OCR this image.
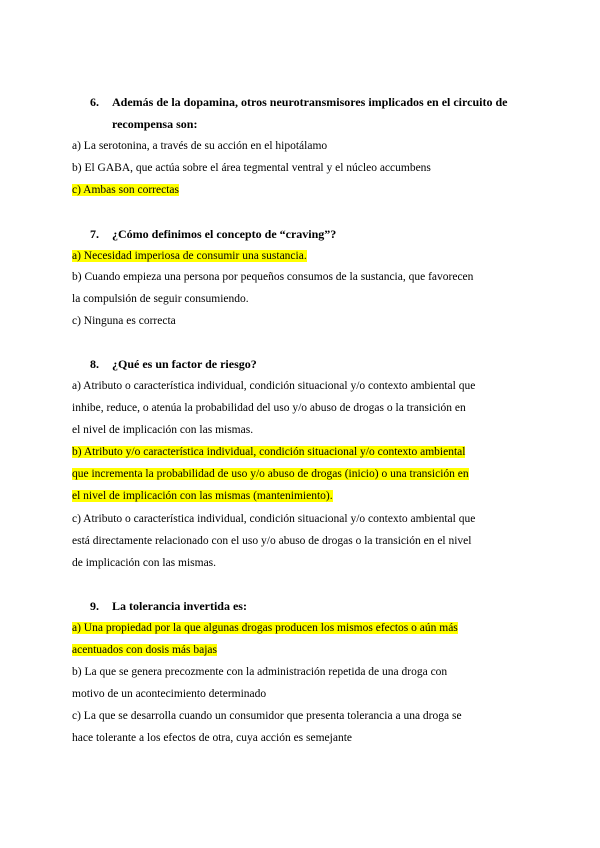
6. Además de la dopamina, otros neurotransmisores implicados en el circuito de
recompensa son:
a) La serotonina, a través de su acción en el hipotálamo
b) El GABA, que actúa sobre el área tegmental ventral y el núcleo accumbens
c) Ambas son correctas
7. ¿Cómo definimos el concepto de “craving”?
a) Necesidad imperiosa de consumir una sustancia.
b) Cuando empieza una persona por pequeños consumos de la sustancia, que favorecen
la compulsión de seguir consumiendo.
c) Ninguna es correcta
8. ¿Qué es un factor de riesgo?
a) Atributo o característica individual, condición situacional y/o contexto ambiental que
inhibe, reduce, o atenúa la probabilidad del uso y/o abuso de drogas o la transición en
el nivel de implicación con las mismas.
b) Atributo y/o característica individual, condición situacional y/o contexto ambiental
que incrementa la probabilidad de uso y/o abuso de drogas (inicio) o una transición en
el nivel de implicación con las mismas (mantenimiento).
c) Atributo o característica individual, condición situacional y/o contexto ambiental que
está directamente relacionado con el uso y/o abuso de drogas o la transición en el nivel
de implicación con las mismas.
9. La tolerancia invertida es:
a) Una propiedad por la que algunas drogas producen los mismos efectos o aún más
acentuados con dosis más bajas
b) La que se genera precozmente con la administración repetida de una droga con
motivo de un acontecimiento determinado
c) La que se desarrolla cuando un consumidor que presenta tolerancia a una droga se
hace tolerante a los efectos de otra, cuya acción es semejante
